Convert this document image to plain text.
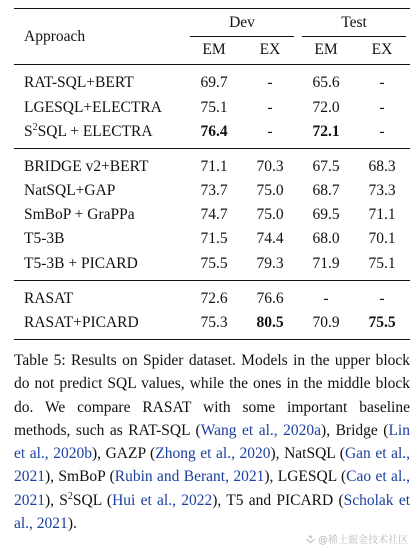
Approach	Dev		Test	

EM	EX	EM	EX
RAT-SQL+BERT	69.7	-	65.6	-
LGESQL+ELECTRA	75.1	-	72.0	-
$S^2SQL$ + ELECTRA	76.4	-	72.1	-
BRIDGE v2+BERT	71.1	70.3	67.5	68.3
NatSQL+GAP	73.7	75.0	68.7	73.3
SmBoP + GraPPa	74.7	75.0	69.5	71.1
T5-3B	71.5	74.4	68.0	70.1
T5-3B + PICARD	75.5	79.3	71.9	75.1
RASAT	72.6	76.6	-	-
RASAT+PICARD	75.3	80.5	70.9	75.5
Table 5: Results on Spider dataset. Models in the upper block do not predict SQL values, while the ones in the middle block do. We compare RASAT with some important baseline methods, such as RAT-SQL (Wang et al., 2020a), Bridge (Lin et al., 2020b), GAZP (Zhong et al., 2020), NatSQL (Gan et al., 2021), SmBoP (Rubin and Berant, 2021), LGESQL (Cao et al., 2021), $S^2SQL$ (Hui et al., 2022), T5 and PICARD (Scholak et al., 2021).
@稀土掘金技术社区
